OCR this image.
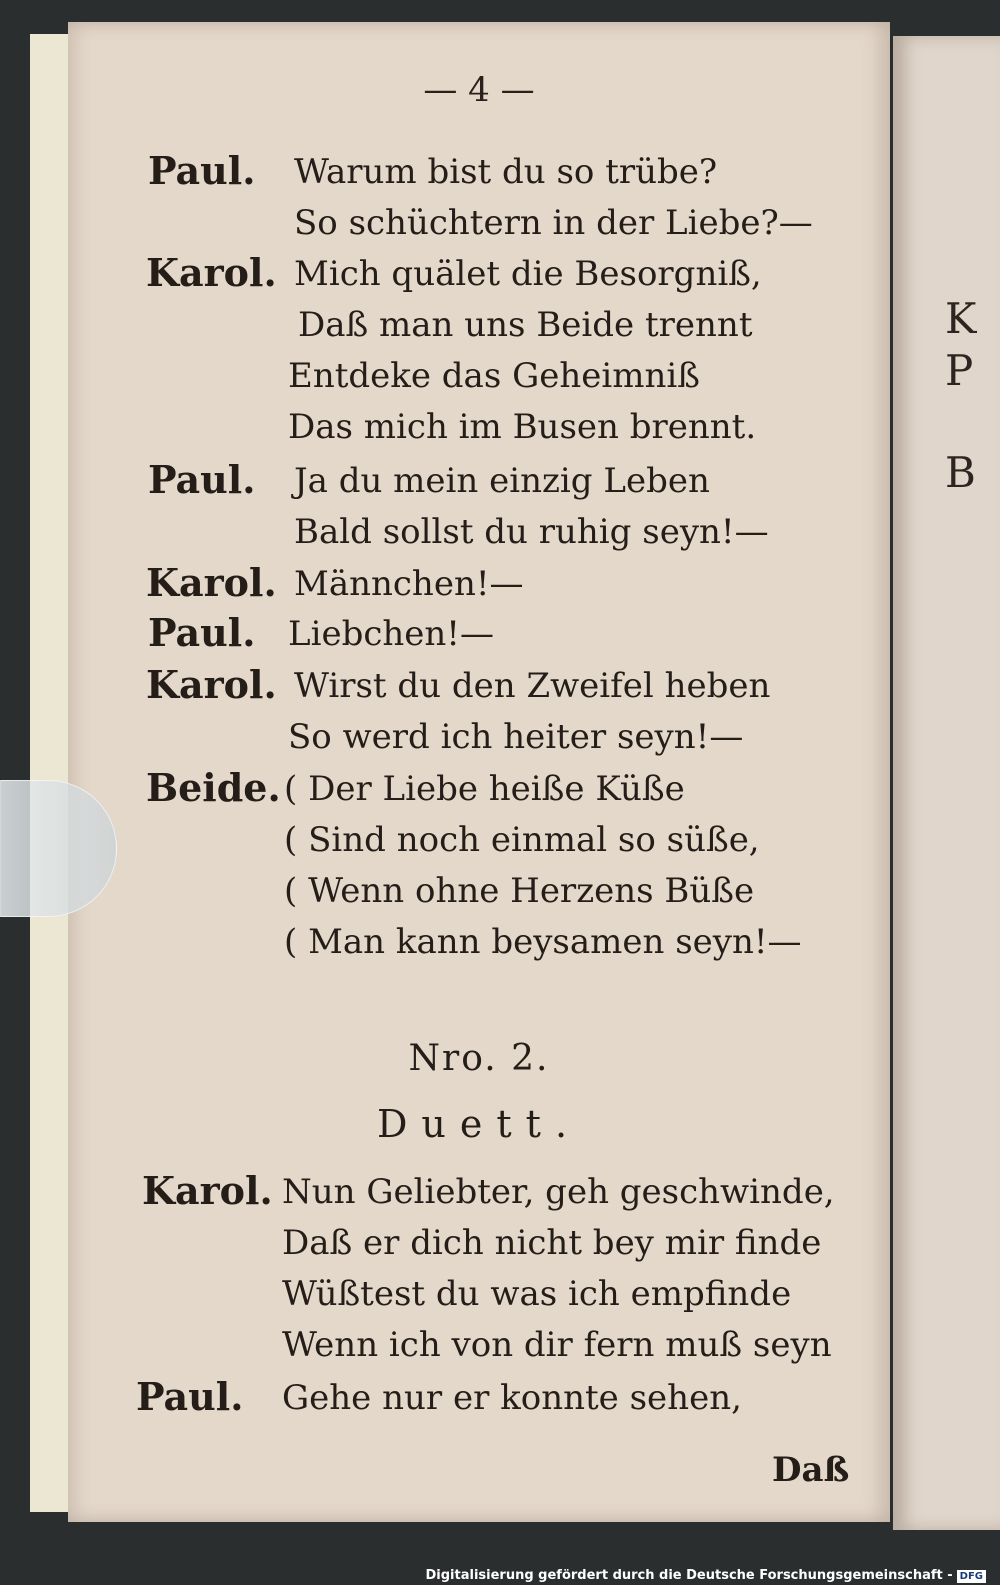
— 4 —
Paul. Warum bist du so trübe?
So schüchtern in der Liebe?—
Karol. Mich quälet die Besorgniß,
Daß man uns Beide trennt
Entdeke das Geheimniß
Das mich im Busen brennt.
Paul. Ja du mein einzig Leben
Bald sollst du ruhig seyn!—
Karol. Männchen!—
Paul. Liebchen!—
Karol. Wirst du den Zweifel heben
So werd ich heiter seyn!—
Beide. ( Der Liebe heiße Küße
( Sind noch einmal so süße,
( Wenn ohne Herzens Büße
( Man kann beysamen seyn!—
Nro. 2.
Duett.
Karol. Nun Geliebter, geh geschwinde,
Daß er dich nicht bey mir finde
Wüßtest du was ich empfinde
Wenn ich von dir fern muß seyn
Paul. Gehe nur er konnte sehen,
Daß
K
P
B
Digitalisierung gefördert durch die Deutsche Forschungsgemeinschaft - DFG
